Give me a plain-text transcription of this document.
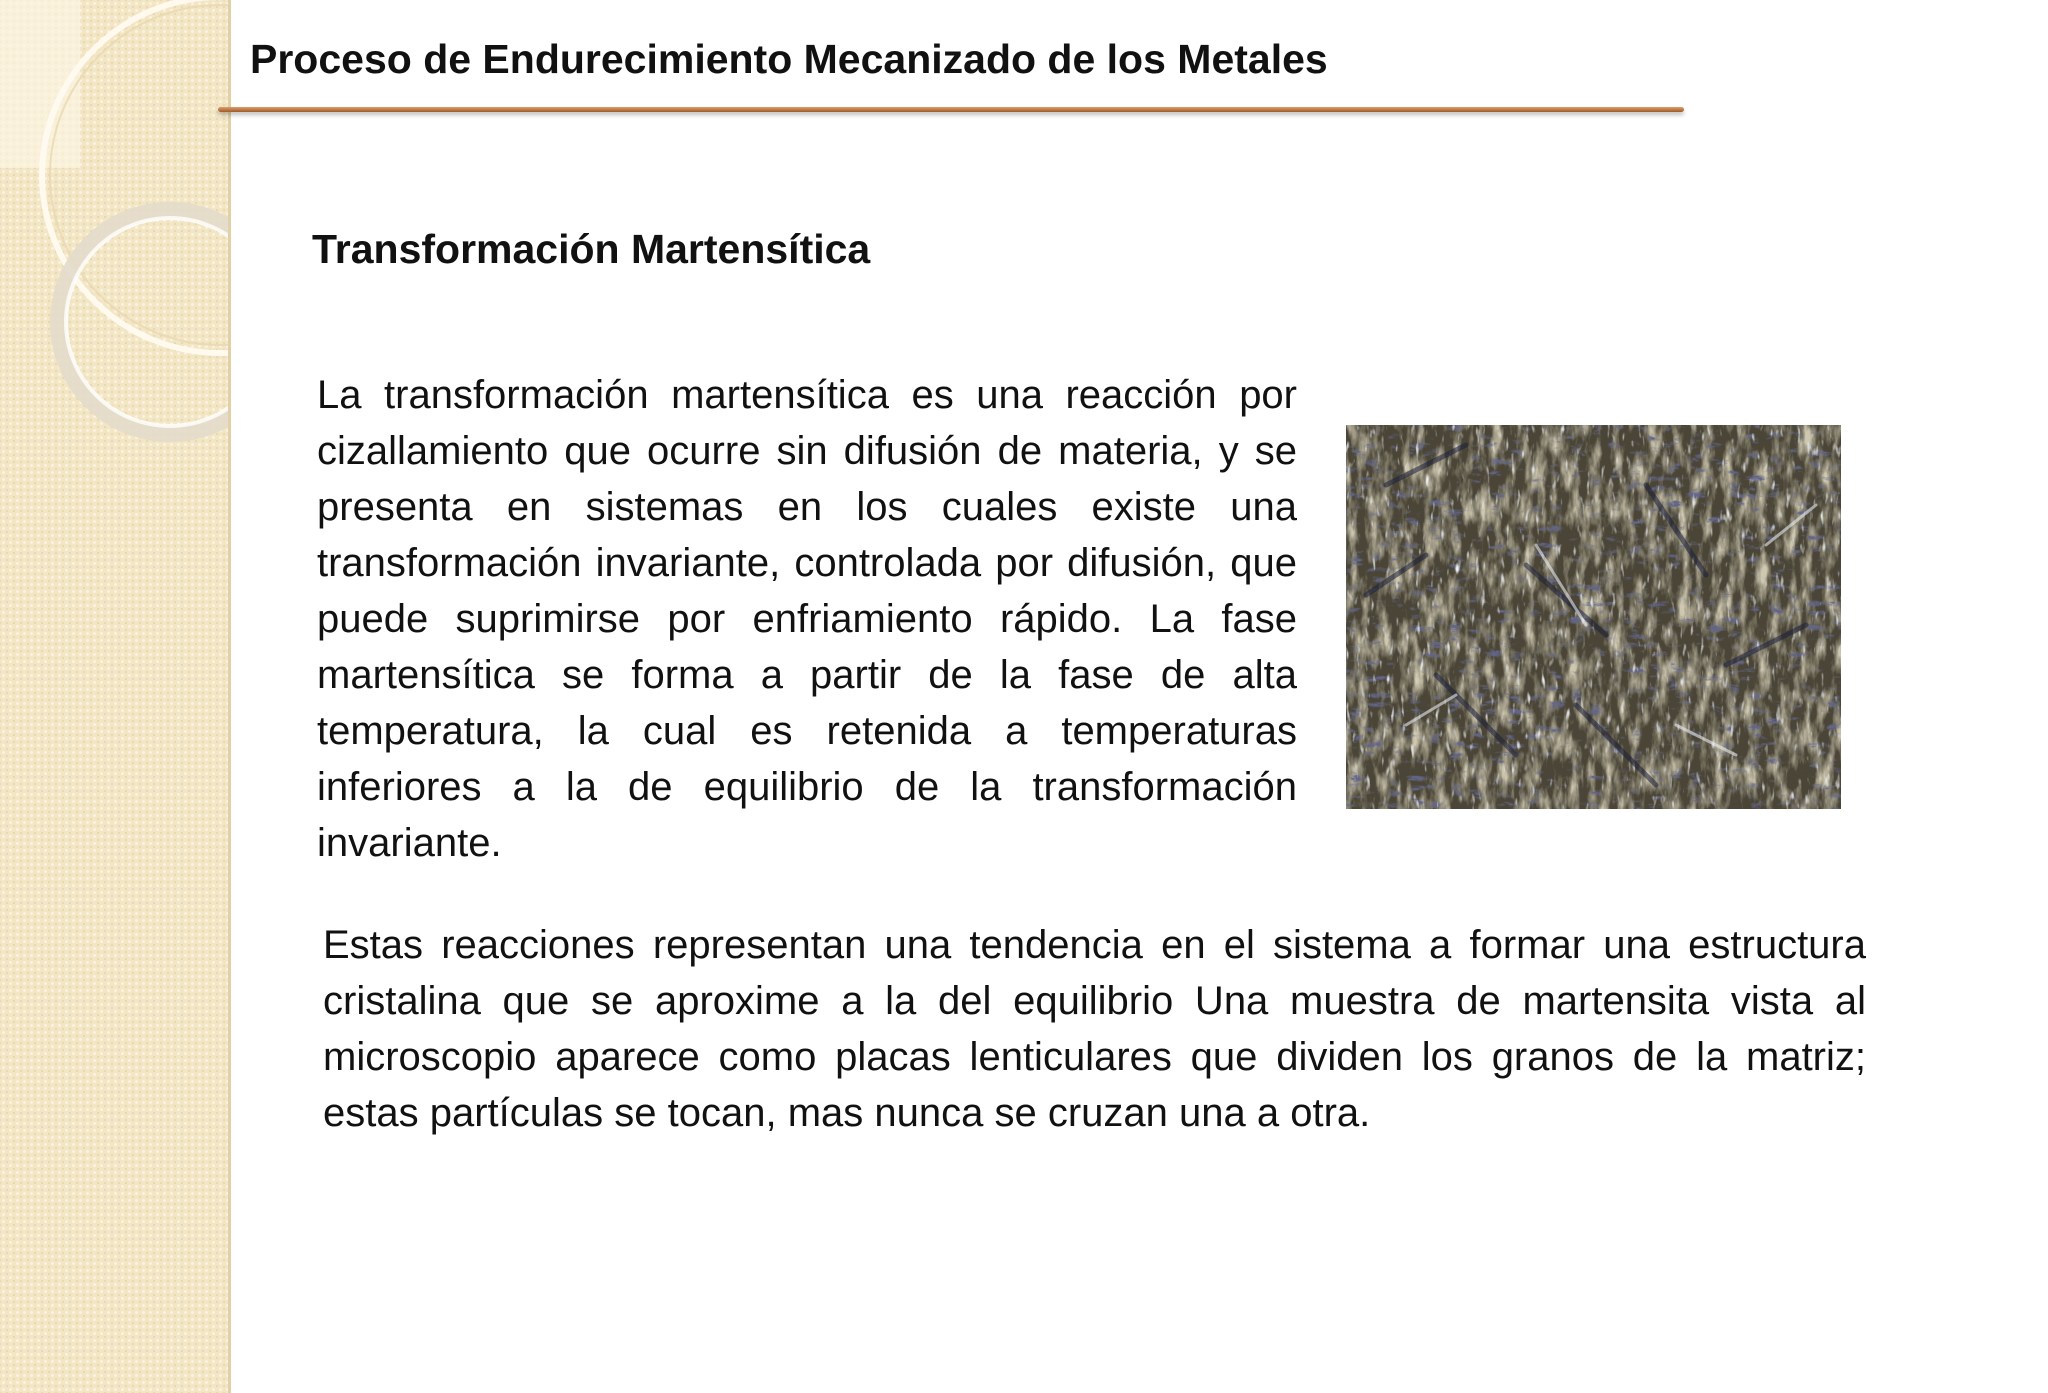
Proceso de Endurecimiento Mecanizado de los Metales
Transformación Martensítica

La transformación martensítica es una reacción por cizallamiento que ocurre sin difusión de materia, y se presenta en sistemas en los cuales existe una transformación invariante, controlada por difusión, que puede suprimirse por enfriamiento rápido. La fase martensítica se forma a partir de la fase de alta temperatura, la cual es retenida a temperaturas inferiores a la de equilibrio de la transformación invariante.

Estas reacciones representan una tendencia en el sistema a formar una estructura cristalina que se aproxime a la del equilibrio Una muestra de martensita vista al microscopio aparece como placas lenticulares que dividen los granos de la matriz; estas partículas se tocan, mas nunca se cruzan una a otra.
